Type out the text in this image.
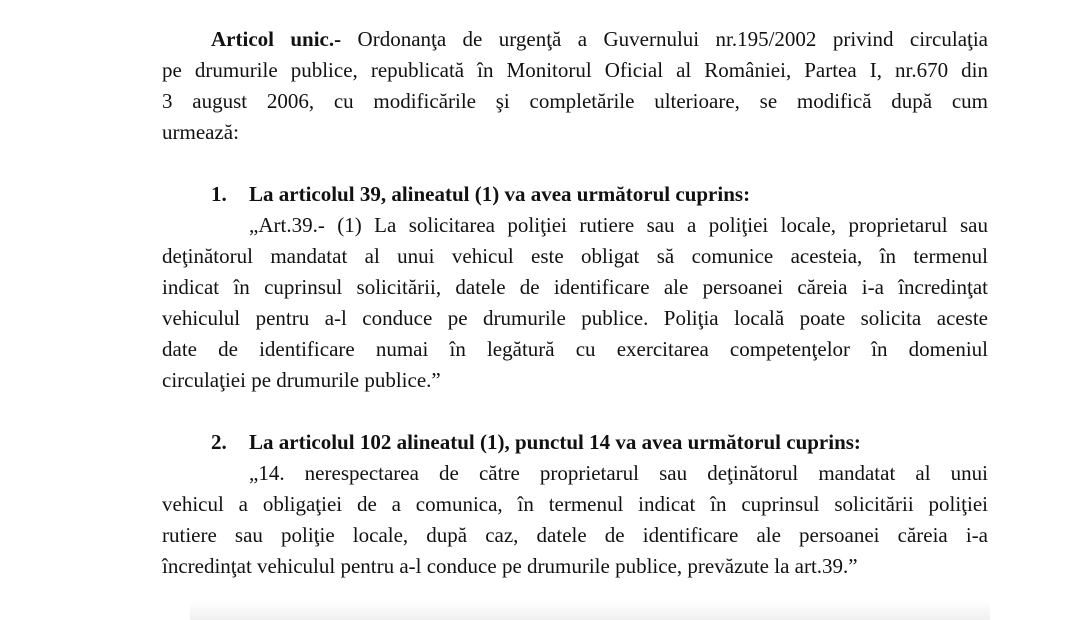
Articol unic.- Ordonanţa de urgenţă a Guvernului nr.195/2002 privind circulaţia
pe drumurile publice, republicată în Monitorul Oficial al României, Partea I, nr.670 din
3 august 2006, cu modificările şi completările ulterioare, se modifică după cum
urmează:
1. La articolul 39, alineatul (1) va avea următorul cuprins:
„Art.39.- (1) La solicitarea poliţiei rutiere sau a poliţiei locale, proprietarul sau
deţinătorul mandatat al unui vehicul este obligat să comunice acesteia, în termenul
indicat în cuprinsul solicitării, datele de identificare ale persoanei căreia i-a încredinţat
vehiculul pentru a-l conduce pe drumurile publice. Poliţia locală poate solicita aceste
date de identificare numai în legătură cu exercitarea competenţelor în domeniul
circulaţiei pe drumurile publice.”
2. La articolul 102 alineatul (1), punctul 14 va avea următorul cuprins:
„14. nerespectarea de către proprietarul sau deţinătorul mandatat al unui
vehicul a obligaţiei de a comunica, în termenul indicat în cuprinsul solicitării poliţiei
rutiere sau poliţie locale, după caz, datele de identificare ale persoanei căreia i-a
încredinţat vehiculul pentru a-l conduce pe drumurile publice, prevăzute la art.39.”
